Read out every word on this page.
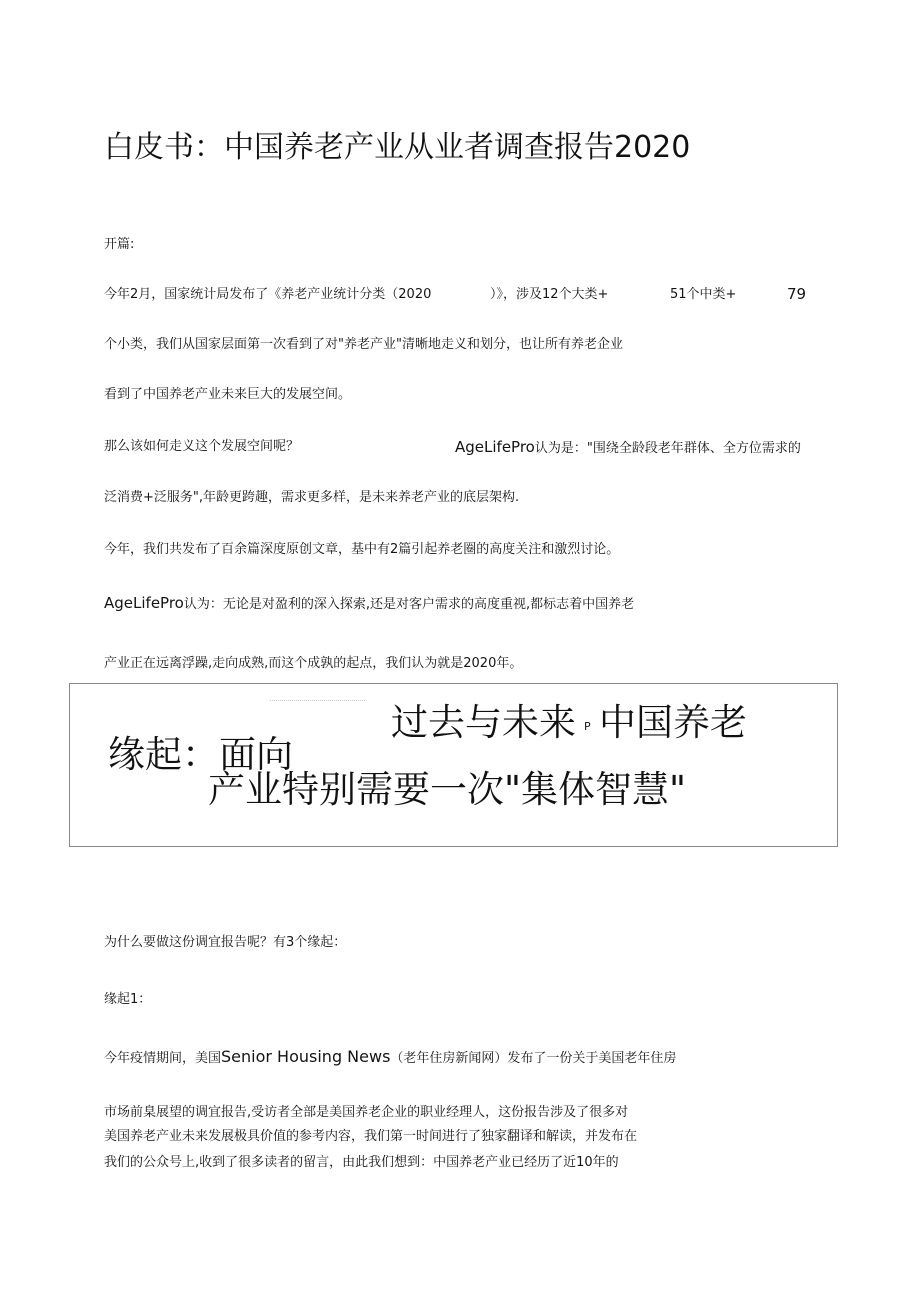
白皮书：中国养老产业从业者调查报告2020
开篇:
今年2月，国家统计局发布了《养老产业统计分类（2020	）》，涉及12个大类+	51个中类+	79
个小类，我们从国家层面第一次看到了对"养老产业"清晰地走义和划分，也让所有养老企业
看到了中国养老产业未来巨大的发展空间。
那么该如何走义这个发展空间呢？	AgeLifePro认为是："围绕全龄段老年群体、全方位需求的
泛消费+泛服务",年龄更跨趣，需求更多样，是未来养老产业的底层架构.
今年，我们共发布了百余篇深度原创文章，基中有2篇引起养老圈的高度关注和激烈讨论。
AgeLifePro认为：无论是对盈利的深入探索,还是对客户需求的高度重视,都标志着中国养老
产业正在远离浮躁,走向成熟,而这个成孰的起点，我们认为就是2020年。
过去与未来 P 中国养老
缘起：面向
产业特别需要一次"集体智慧"
为什么要做这份调宜报告呢？有3个缘起：
缘起1：
今年疫情期间，美国Senior Housing News（老年住房新闻网）发布了一份关于美国老年住房
市场前臬展望的调宜报告,受访者全部是美国养老企业的职业经理人，这份报告涉及了很多对
美国养老产业未来发展极具价值的参考内容，我们第一时间进行了独家翻译和解读，并发布在
我们的公众号上,收到了很多读者的留言，由此我们想到：中国养老产业已经历了近10年的
